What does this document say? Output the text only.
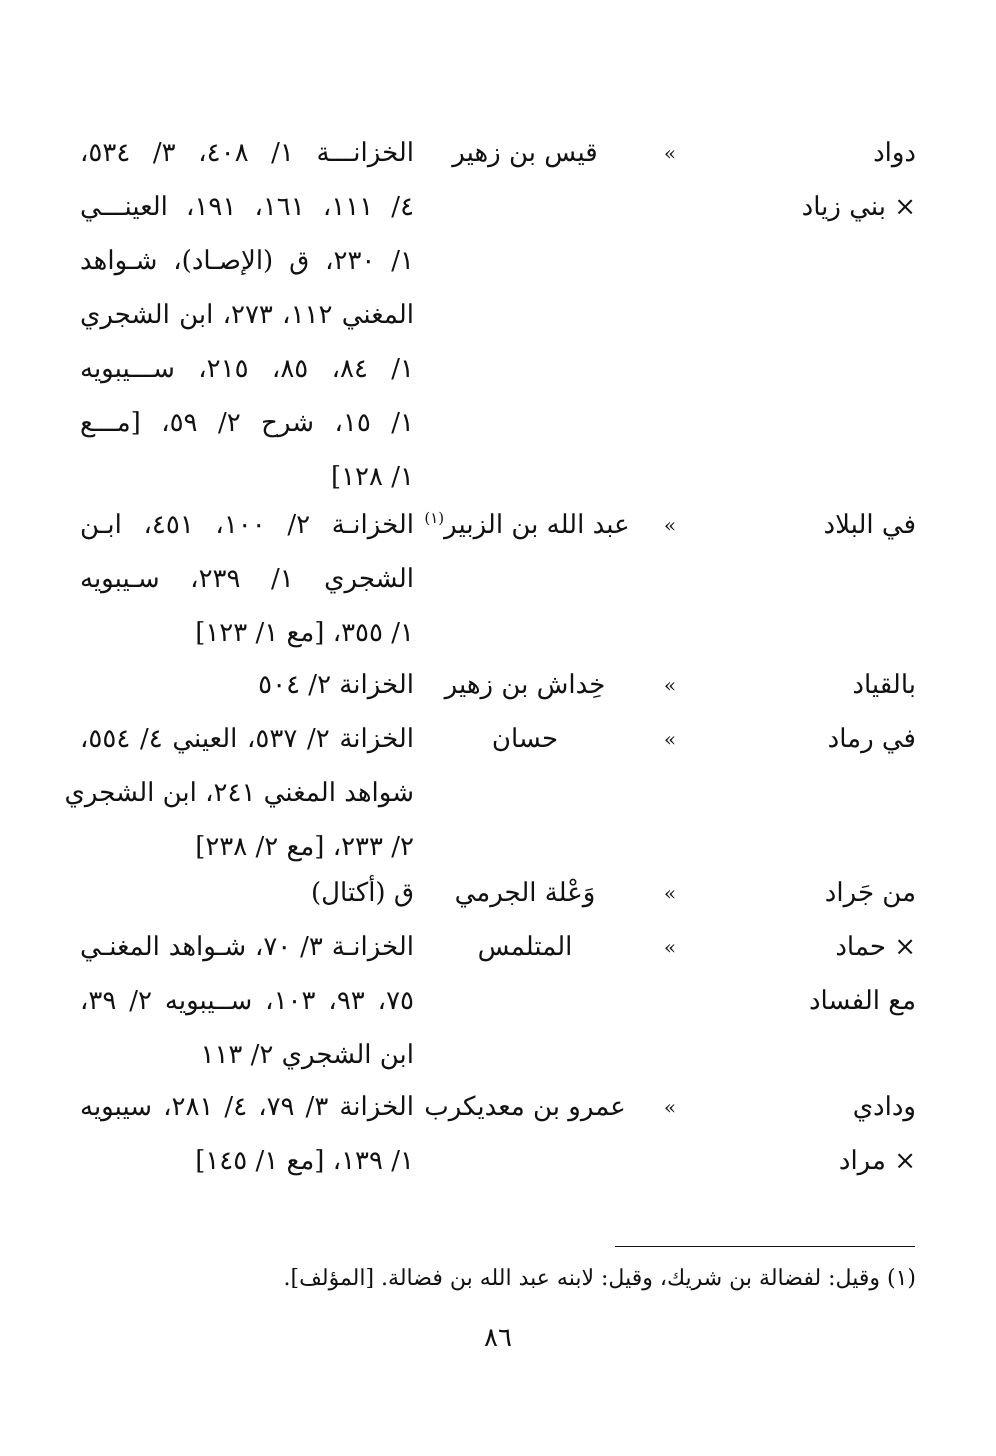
دواد
× بني زياد
»
قيس بن زهير
الخزانـــة ١/ ٤٠٨، ٣/ ٥٣٤،
٤/ ١١١، ١٦١، ١٩١، العينـــي
١/ ٢٣٠، ق (الإصـاد)، شـواهد
المغني ١١٢، ٢٧٣، ابن الشجري
١/ ٨٤، ٨٥، ٢١٥، ســـيبويه
١/ ١٥، شرح ٢/ ٥٩، [مـــع
١/ ١٢٨]
في البلاد
»
عبد الله بن الزبير$^{(١)}$
الخزانـة ٢/ ١٠٠، ٤٥١، ابـن
الشجري ١/ ٢٣٩، سـيبويه
١/ ٣٥٥، [مع ١/ ١٢٣]
بالقياد
»
خِداش بن زهير
الخزانة ٢/ ٥٠٤
في رماد
»
حسان
الخزانة ٢/ ٥٣٧، العيني ٤/ ٥٥٤،
شواهد المغني ٢٤١، ابن الشجري
٢/ ٢٣٣، [مع ٢/ ٢٣٨]
من جَراد
»
وَعْلة الجرمي
ق (أكتال)
× حماد
مع الفساد
»
المتلمس
الخزانـة ٣/ ٧٠، شـواهد المغنـي
٧٥، ٩٣، ١٠٣، ســيبويه ٢/ ٣٩،
ابن الشجري ٢/ ١١٣
ودادي
× مراد
»
عمرو بن معديكرب
الخزانة ٣/ ٧٩، ٤/ ٢٨١، سيبويه
١/ ١٣٩، [مع ١/ ١٤٥]
(١) وقيل: لفضالة بن شريك، وقيل: لابنه عبد الله بن فضالة. [المؤلف].
٨٦
